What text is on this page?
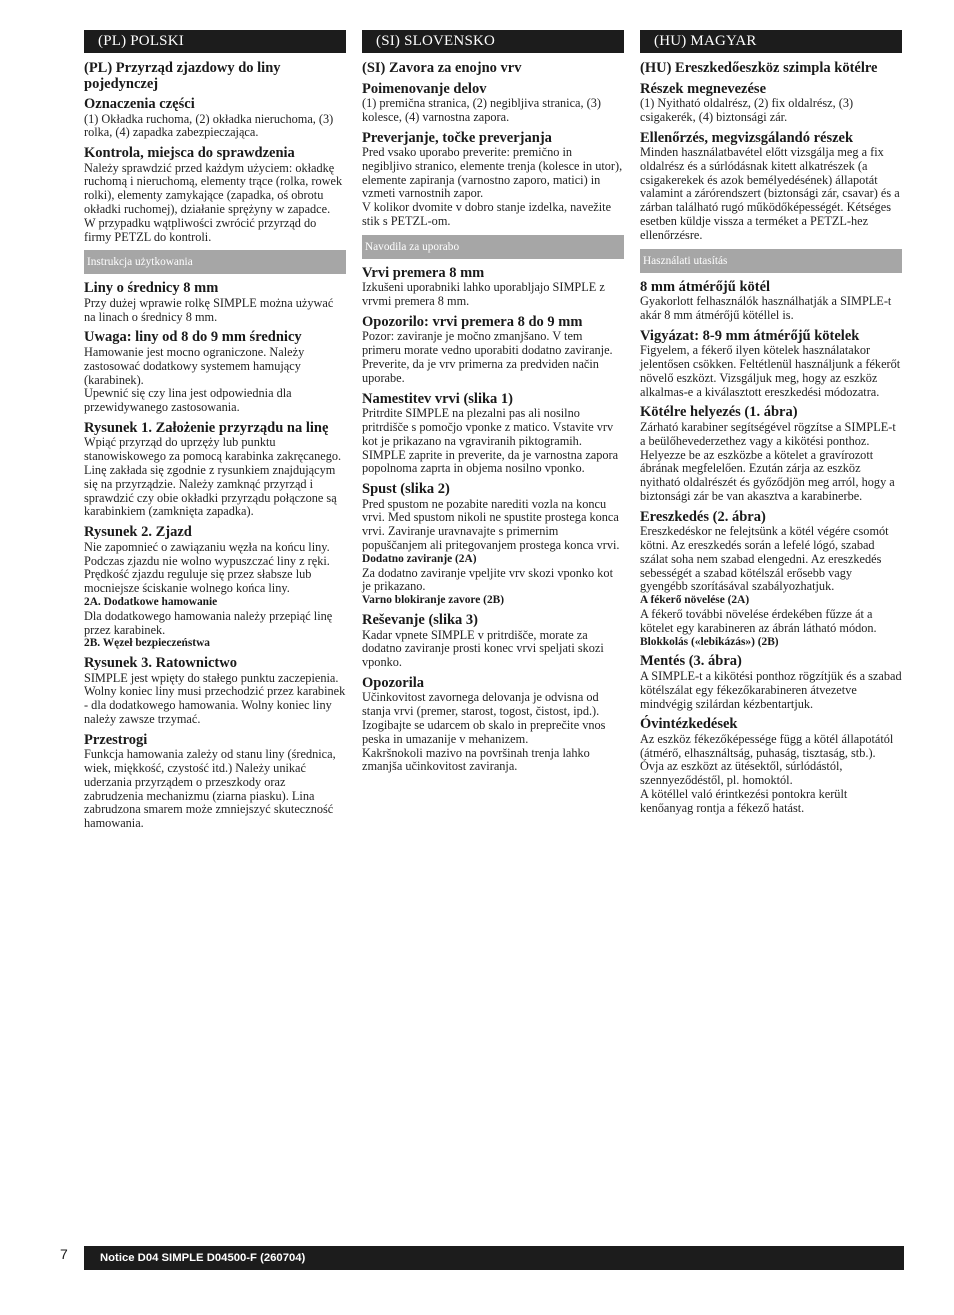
(PL) POLSKI
(PL) Przyrząd zjazdowy do liny pojedynczej
Oznaczenia części
(1) Okładka ruchoma, (2) okładka nieruchoma, (3) rolka, (4) zapadka zabezpieczająca.
Kontrola, miejsca do sprawdzenia
Należy sprawdzić przed każdym użyciem: okładkę ruchomą i nieruchomą, elementy trące (rolka, rowek rolki), elementy zamykające (zapadka, oś obrotu okładki ruchomej), działanie sprężyny w zapadce.
W przypadku wątpliwości zwrócić przyrząd do firmy PETZL do kontroli.
Instrukcja użytkowania
Liny o średnicy 8 mm
Przy dużej wprawie rolkę SIMPLE można używać na linach o średnicy 8 mm.
Uwaga: liny od 8 do 9 mm średnicy
Hamowanie jest mocno ograniczone. Należy zastosować dodatkowy systemem hamujący (karabinek).
Upewnić się czy lina jest odpowiednia dla przewidywanego zastosowania.
Rysunek 1. Założenie przyrządu na linę
Wpiąć przyrząd do uprzęży lub punktu stanowiskowego za pomocą karabinka zakręcanego. Linę zakłada się zgodnie z rysunkiem znajdującym się na przyrządzie. Należy zamknąć przyrząd i sprawdzić czy obie okładki przyrządu połączone są karabinkiem (zamknięta zapadka).
Rysunek 2. Zjazd
Nie zapomnieć o zawiązaniu węzła na końcu liny. Podczas zjazdu nie wolno wypuszczać liny z ręki.
Prędkość zjazdu reguluje się przez słabsze lub mocniejsze ściskanie wolnego końca liny.
2A. Dodatkowe hamowanie
Dla dodatkowego hamowania należy przepiąć linę przez karabinek.
2B. Węzeł bezpieczeństwa
Rysunek 3. Ratownictwo
SIMPLE jest wpięty do stałego punktu zaczepienia. Wolny koniec liny musi przechodzić przez karabinek - dla dodatkowego hamowania. Wolny koniec liny należy zawsze trzymać.
Przestrogi
Funkcja hamowania zależy od stanu liny (średnica, wiek, miękkość, czystość itd.) Należy unikać uderzania przyrządem o przeszkody oraz zabrudzenia mechanizmu (ziarna piasku). Lina zabrudzona smarem może zmniejszyć skuteczność hamowania.
(SI) SLOVENSKO
(SI) Zavora za enojno vrv
Poimenovanje delov
(1) premična stranica, (2) negibljiva stranica, (3) kolesce, (4) varnostna zapora.
Preverjanje, točke preverjanja
Pred vsako uporabo preverite: premično in negibljivo stranico, elemente trenja (kolesce in utor), elemente zapiranja (varnostno zaporo, matici) in vzmeti varnostnih zapor.
V kolikor dvomite v dobro stanje izdelka, navežite stik s PETZL-om.
Navodila za uporabo
Vrvi premera 8 mm
Izkušeni uporabniki lahko uporabljajo SIMPLE z vrvmi premera 8 mm.
Opozorilo: vrvi premera 8 do 9 mm
Pozor: zaviranje je močno zmanjšano. V tem primeru morate vedno uporabiti dodatno zaviranje. Preverite, da je vrv primerna za predviden način uporabe.
Namestitev vrvi (slika 1)
Pritrdite SIMPLE na plezalni pas ali nosilno pritrdišče s pomočjo vponke z matico. Vstavite vrv kot je prikazano na vgraviranih piktogramih. SIMPLE zaprite in preverite, da je varnostna zapora popolnoma zaprta in objema nosilno vponko.
Spust (slika 2)
Pred spustom ne pozabite narediti vozla na koncu vrvi. Med spustom nikoli ne spustite prostega konca vrvi. Zaviranje uravnavajte s primernim popuščanjem ali pritegovanjem prostega konca vrvi.
Dodatno zaviranje (2A)
Za dodatno zaviranje vpeljite vrv skozi vponko kot je prikazano.
Varno blokiranje zavore (2B)
Reševanje (slika 3)
Kadar vpnete SIMPLE v pritrdišče, morate za dodatno zaviranje prosti konec vrvi speljati skozi vponko.
Opozorila
Učinkovitost zavornega delovanja je odvisna od stanja vrvi (premer, starost, togost, čistost, ipd.). Izogibajte se udarcem ob skalo in preprečite vnos peska in umazanije v mehanizem.
Kakršnokoli mazivo na površinah trenja lahko zmanjša učinkovitost zaviranja.
(HU) MAGYAR
(HU) Ereszkedőeszköz szimpla kötélre
Részek megnevezése
(1) Nyitható oldalrész, (2) fix oldalrész, (3) csigakerék, (4) biztonsági zár.
Ellenőrzés, megvizsgálandó részek
Minden használatbavétel előtt vizsgálja meg a fix oldalrész és a súrlódásnak kitett alkatrészek (a csigakerekek és azok bemélyedésének) állapotát valamint a zárórendszert (biztonsági zár, csavar) és a zárban található rugó működőképességét. Kétséges esetben küldje vissza a terméket a PETZL-hez ellenőrzésre.
Használati utasítás
8 mm átmérőjű kötél
Gyakorlott felhasználók használhatják a SIMPLE-t akár 8 mm átmérőjű kötéllel is.
Vigyázat: 8-9 mm átmérőjű kötelek
Figyelem, a fékerő ilyen kötelek használatakor jelentősen csökken. Feltétlenül használjunk a fékerőt növelő eszközt. Vizsgáljuk meg, hogy az eszköz alkalmas-e a kiválasztott ereszkedési módozatra.
Kötélre helyezés (1. ábra)
Zárható karabiner segítségével rögzítse a SIMPLE-t a beülőhevederzethez vagy a kikötési ponthoz. Helyezze be az eszközbe a kötelet a gravírozott ábrának megfelelően. Ezután zárja az eszköz nyitható oldalrészét és győződjön meg arról, hogy a biztonsági zár be van akasztva a karabinerbe.
Ereszkedés (2. ábra)
Ereszkedéskor ne felejtsünk a kötél végére csomót kötni. Az ereszkedés során a lefelé lógó, szabad szálat soha nem szabad elengedni. Az ereszkedés sebességét a szabad kötélszál erősebb vagy gyengébb szorításával szabályozhatjuk.
A fékerő növelése (2A)
A fékerő további növelése érdekében fűzze át a kötelet egy karabineren az ábrán látható módon.
Blokkolás («lebikázás») (2B)
Mentés (3. ábra)
A SIMPLE-t a kikötési ponthoz rögzítjük és a szabad kötélszálat egy fékezőkarabineren átvezetve mindvégig szilárdan kézbentartjuk.
Óvintézkedések
Az eszköz fékezőképessége függ a kötél állapotától (átmérő, elhasználtság, puhaság, tisztaság, stb.).
Óvja az eszközt az ütésektől, súrlódástól, szennyeződéstől, pl. homoktól.
A kötéllel való érintkezési pontokra került kenőanyag rontja a fékező hatást.
7	Notice D04 SIMPLE D04500-F (260704)
